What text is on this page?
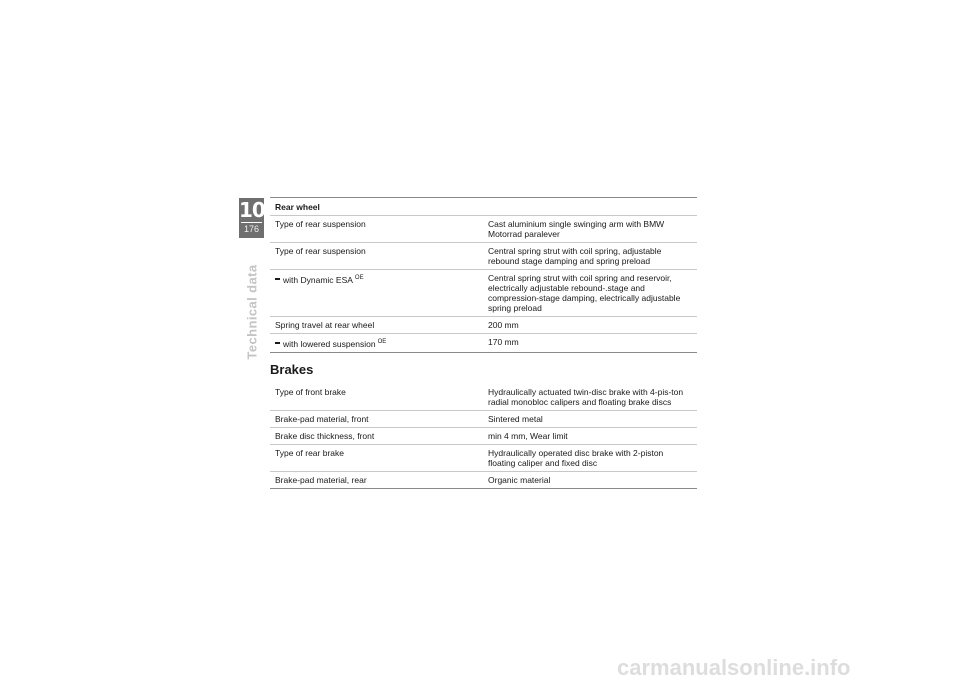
10
176
Technical data
Rear wheel
Type of rear suspension	Cast aluminium single swinging arm with BMW Motorrad paralever
Type of rear suspension	Central spring strut with coil spring, adjustable rebound stage damping and spring preload
with Dynamic ESA $^{OE}$	Central spring strut with coil spring and reservoir, electrically adjustable rebound-.stage and compression-stage damping, electrically adjustable spring preload
Spring travel at rear wheel	200 mm
with lowered suspension $^{OE}$	170 mm
Brakes
Type of front brake	Hydraulically actuated twin-disc brake with 4-pis-ton radial monobloc calipers and floating brake discs
Brake-pad material, front	Sintered metal
Brake disc thickness, front	min 4 mm, Wear limit
Type of rear brake	Hydraulically operated disc brake with 2-piston floating caliper and fixed disc
Brake-pad material, rear	Organic material
carmanualsonline.info
